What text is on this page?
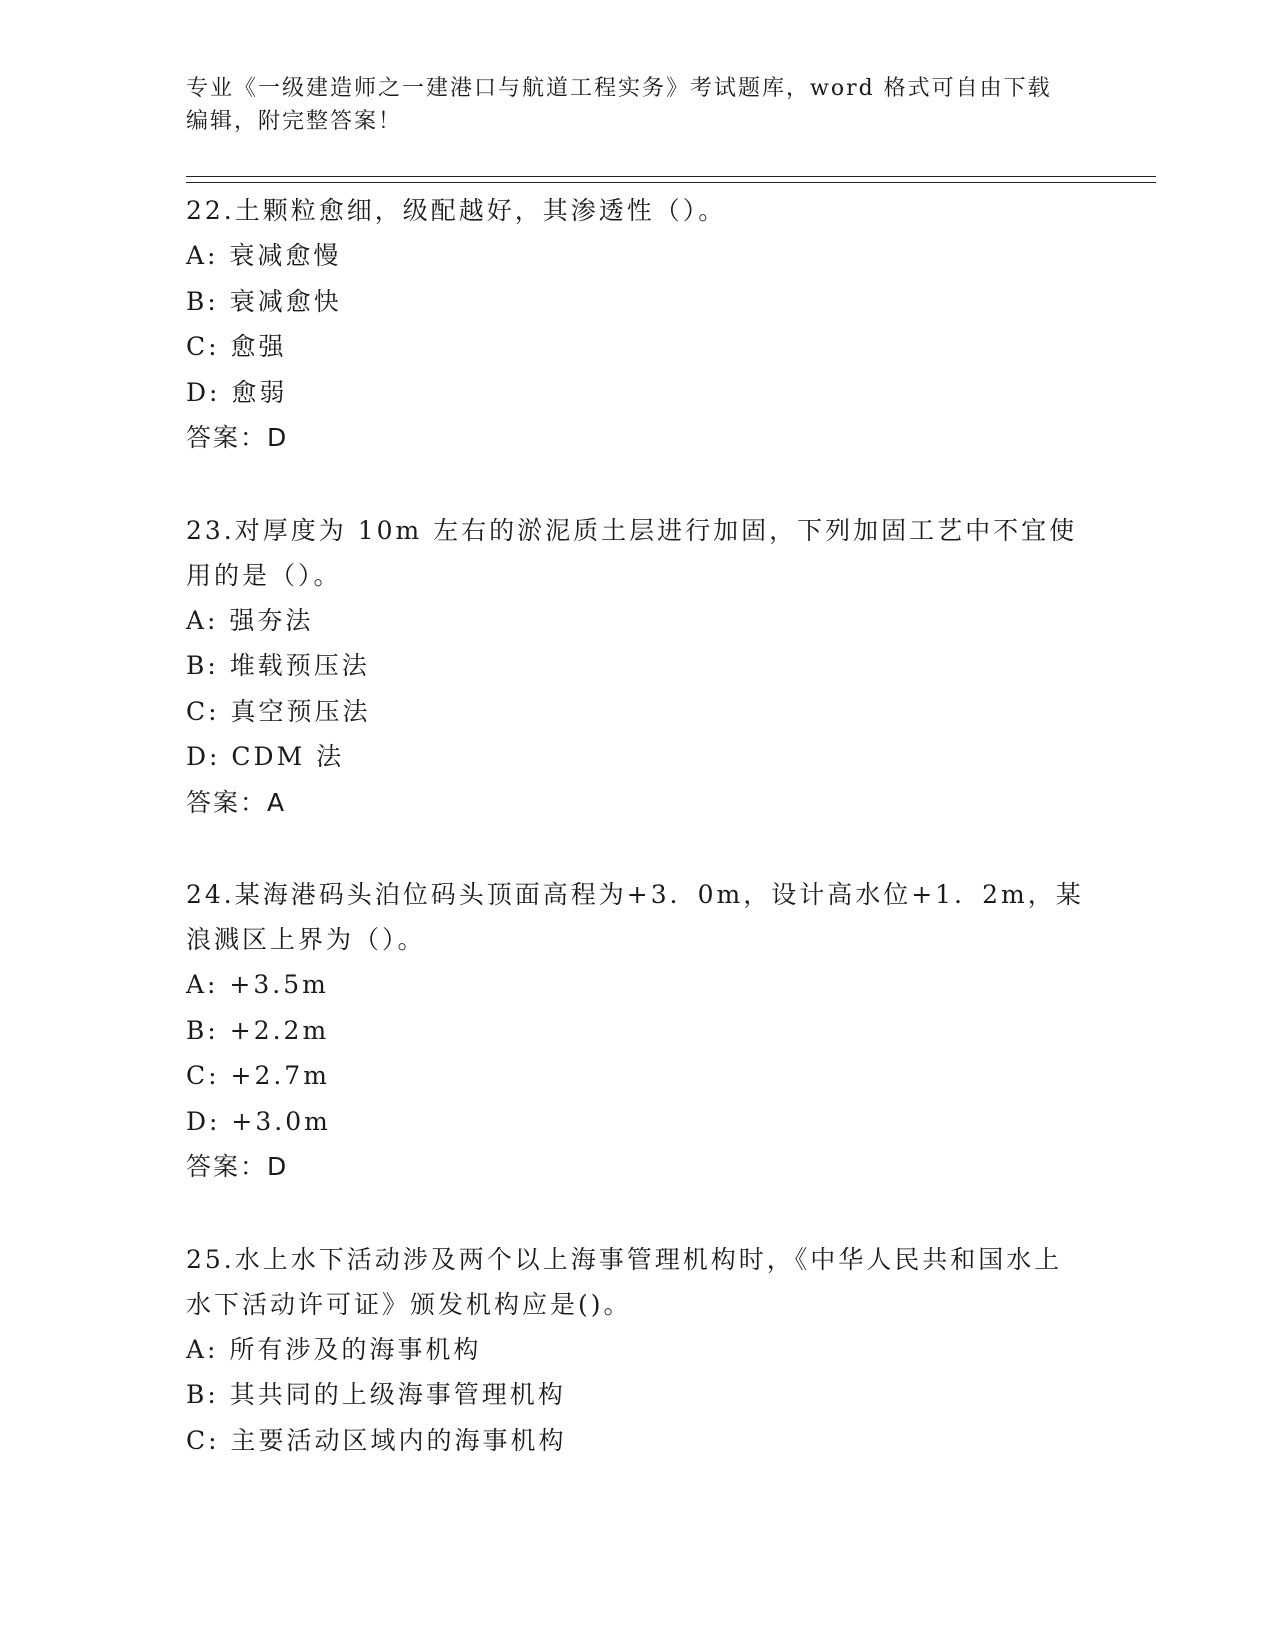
专业《一级建造师之一建港口与航道工程实务》考试题库，word 格式可自由下载编辑，附完整答案！

22.土颗粒愈细，级配越好，其渗透性（）。

A: 衰减愈慢

B: 衰减愈快

C: 愈强

D: 愈弱

答案：D

23.对厚度为 10m 左右的淤泥质土层进行加固，下列加固工艺中不宜使用的是（）。

A: 强夯法

B: 堆载预压法

C: 真空预压法

D: CDM 法

答案：A

24.某海港码头泊位码头顶面高程为+3．0m，设计高水位+1．2m，某浪溅区上界为（）。

A: +3.5m

B: +2.2m

C: +2.7m

D: +3.0m

答案：D

25.水上水下活动涉及两个以上海事管理机构时，《中华人民共和国水上水下活动许可证》颁发机构应是()。

A: 所有涉及的海事机构

B: 其共同的上级海事管理机构

C: 主要活动区域内的海事机构
